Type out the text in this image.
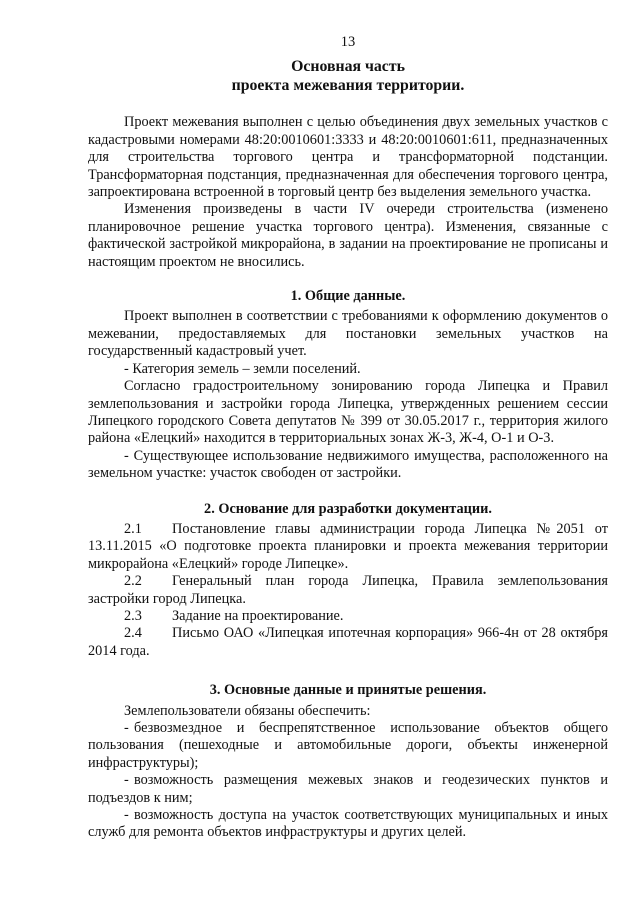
13
Основная часть
проекта межевания территории.

Проект межевания выполнен с целью объединения двух земельных участков с кадастровыми номерами 48:20:0010601:3333 и 48:20:0010601:611, предназначенных для строительства торгового центра и трансформаторной подстанции. Трансформаторная подстанция, предназначенная для обеспечения торгового центра, запроектирована встроенной в торговый центр без выделения земельного участка.

Изменения произведены в части IV очереди строительства (изменено планировочное решение участка торгового центра). Изменения, связанные с фактической застройкой микрорайона, в задании на проектирование не прописаны и настоящим проектом не вносились.

1. Общие данные.

Проект выполнен в соответствии с требованиями к оформлению документов о межевании, предоставляемых для постановки земельных участков на государственный кадастровый учет.

- Категория земель – земли поселений.

Согласно градостроительному зонированию города Липецка и Правил землепользования и застройки города Липецка, утвержденных решением сессии Липецкого городского Совета депутатов № 399 от 30.05.2017 г., территория жилого района «Елецкий» находится в территориальных зонах Ж-3, Ж-4, О-1 и О-3.

- Существующее использование недвижимого имущества, расположенного на земельном участке: участок свободен от застройки.

2. Основание для разработки документации.

2.1 Постановление главы администрации города Липецка №2051 от 13.11.2015 «О подготовке проекта планировки и проекта межевания территории микрорайона «Елецкий» городе Липецке».

2.2 Генеральный план города Липецка, Правила землепользования застройки город Липецка.

2.3 Задание на проектирование.

2.4 Письмо ОАО «Липецкая ипотечная корпорация» 966-4н от 28 октября 2014 года.

3. Основные данные и принятые решения.

Землепользователи обязаны обеспечить:

- безвозмездное и беспрепятственное использование объектов общего пользования (пешеходные и автомобильные дороги, объекты инженерной инфраструктуры);

- возможность размещения межевых знаков и геодезических пунктов и подъездов к ним;

- возможность доступа на участок соответствующих муниципальных и иных служб для ремонта объектов инфраструктуры и других целей.
